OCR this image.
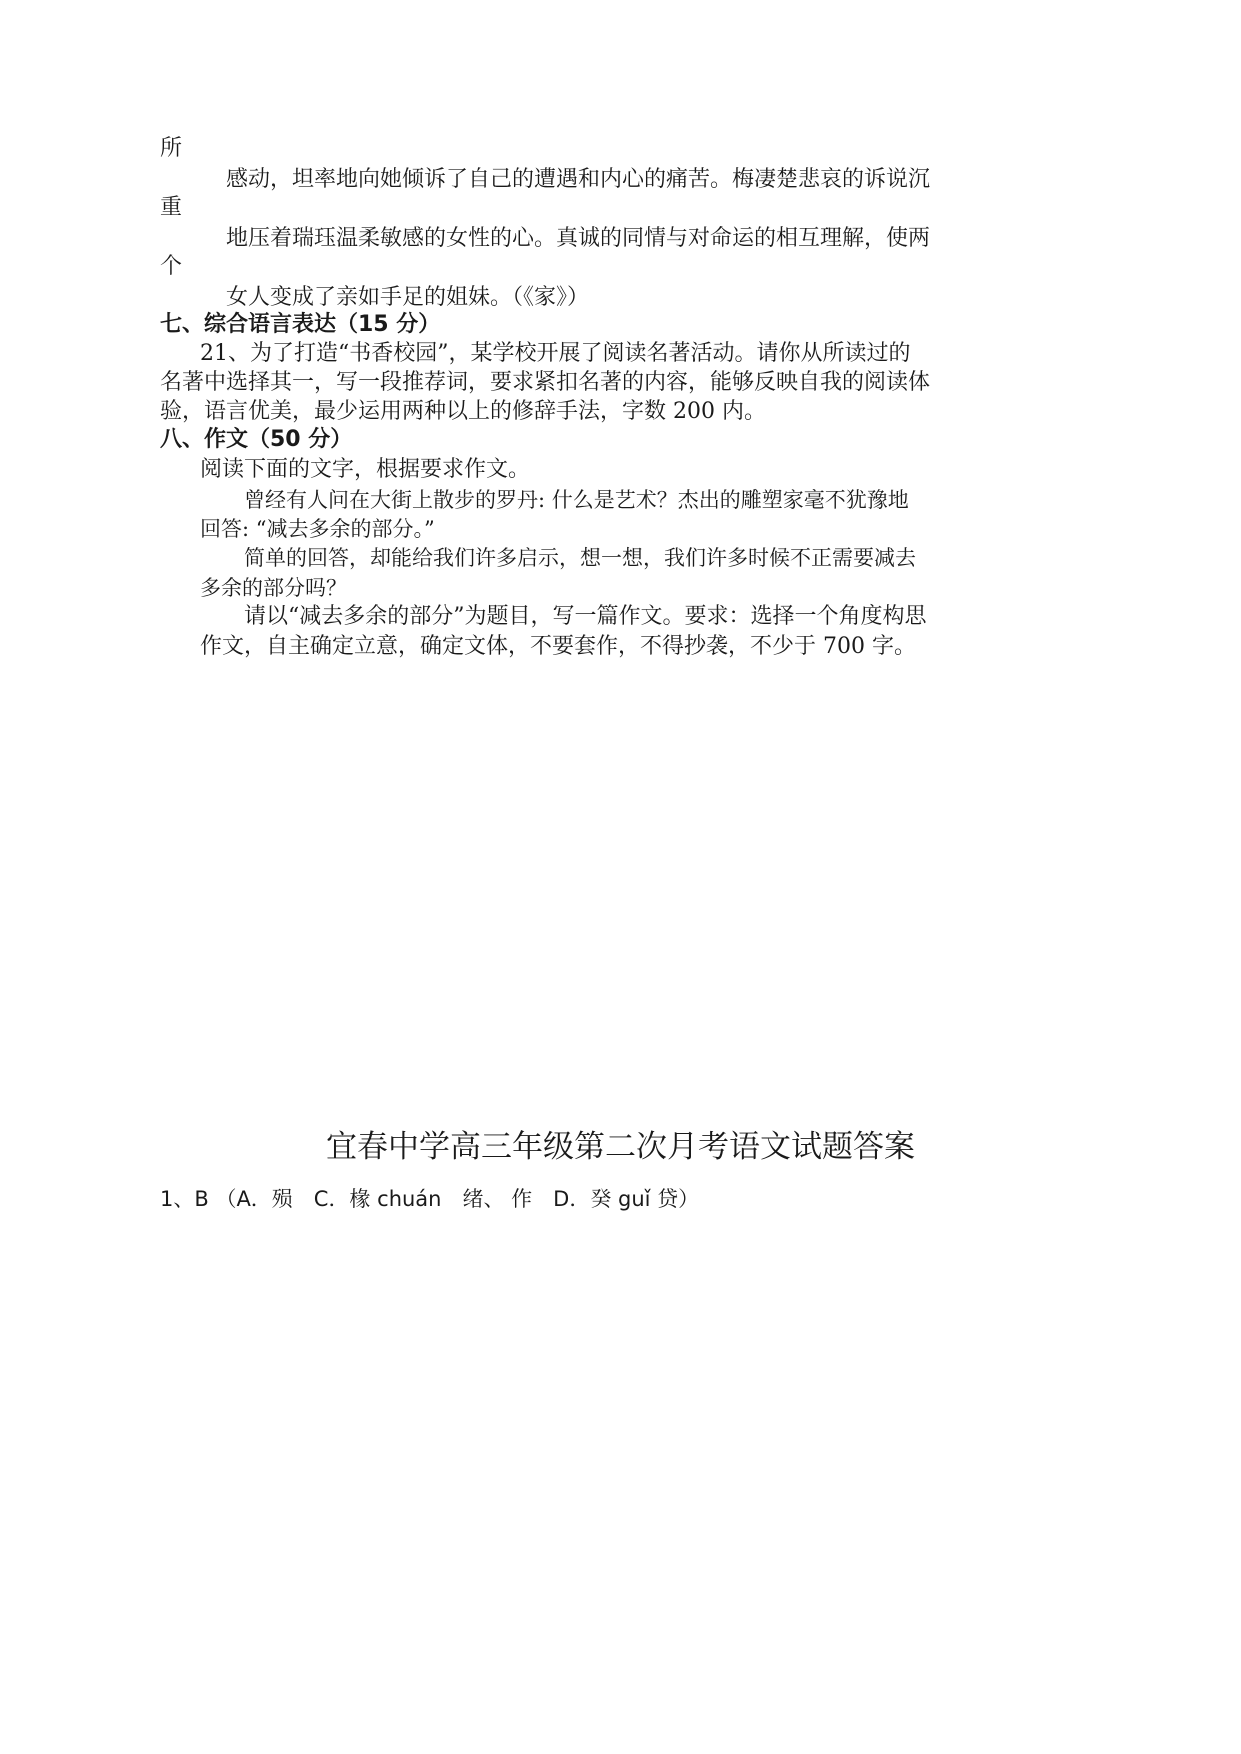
所
感动，坦率地向她倾诉了自己的遭遇和内心的痛苦。梅凄楚悲哀的诉说沉
重
地压着瑞珏温柔敏感的女性的心。真诚的同情与对命运的相互理解，使两
个
女人变成了亲如手足的姐妹。（《家》）
七、综合语言表达（15 分）
21、为了打造“书香校园”，某学校开展了阅读名著活动。请你从所读过的
名著中选择其一，写一段推荐词，要求紧扣名著的内容，能够反映自我的阅读体
验，语言优美，最少运用两种以上的修辞手法，字数 200 内。
八、作文（50 分）
阅读下面的文字，根据要求作文。
曾经有人问在大街上散步的罗丹: 什么是艺术？杰出的雕塑家毫不犹豫地
回答: “减去多余的部分。”
简单的回答，却能给我们许多启示，想一想，我们许多时候不正需要减去
多余的部分吗？
请以“减去多余的部分”为题目，写一篇作文。要求：选择一个角度构思
作文，自主确定立意，确定文体，不要套作，不得抄袭，不少于 700 字。
宜春中学高三年级第二次月考语文试题答案
1、B （A．殒　C．椽 chuán　绪、 作　D．癸 guǐ 贷）
